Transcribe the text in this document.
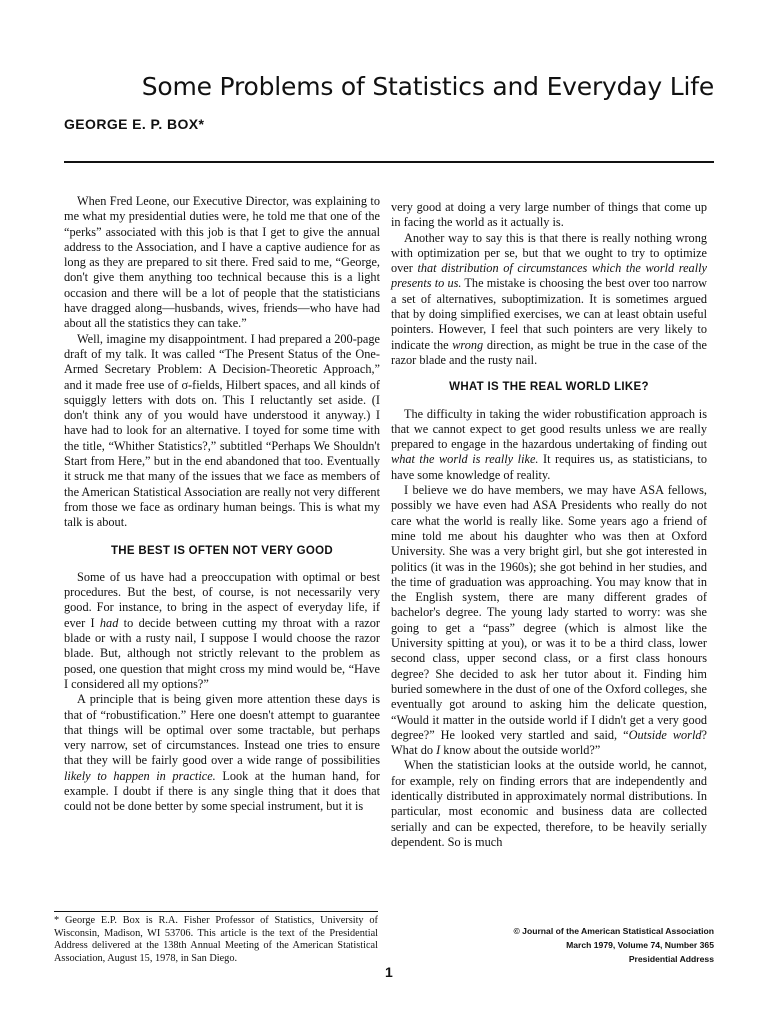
Some Problems of Statistics and Everyday Life
GEORGE E. P. BOX*

When Fred Leone, our Executive Director, was explaining to me what my presidential duties were, he told me that one of the “perks” associated with this job is that I get to give the annual address to the Association, and I have a captive audience for as long as they are prepared to sit there. Fred said to me, “George, don't give them anything too technical because this is a light occasion and there will be a lot of people that the statisticians have dragged along—husbands, wives, friends—who have had about all the statistics they can take.”

Well, imagine my disappointment. I had prepared a 200-page draft of my talk. It was called “The Present Status of the One-Armed Secretary Problem: A Decision-Theoretic Approach,” and it made free use of σ-fields, Hilbert spaces, and all kinds of squiggly letters with dots on. This I reluctantly set aside. (I don't think any of you would have understood it anyway.) I have had to look for an alternative. I toyed for some time with the title, “Whither Statistics?,” subtitled “Perhaps We Shouldn't Start from Here,” but in the end abandoned that too. Eventually it struck me that many of the issues that we face as members of the American Statistical Association are really not very different from those we face as ordinary human beings. This is what my talk is about.

THE BEST IS OFTEN NOT VERY GOOD

Some of us have had a preoccupation with optimal or best procedures. But the best, of course, is not necessarily very good. For instance, to bring in the aspect of everyday life, if ever I had to decide between cutting my throat with a razor blade or with a rusty nail, I suppose I would choose the razor blade. But, although not strictly relevant to the problem as posed, one question that might cross my mind would be, “Have I considered all my options?”

A principle that is being given more attention these days is that of “robustification.” Here one doesn't attempt to guarantee that things will be optimal over some tractable, but perhaps very narrow, set of circumstances. Instead one tries to ensure that they will be fairly good over a wide range of possibilities likely to happen in practice. Look at the human hand, for example. I doubt if there is any single thing that it does that could not be done better by some special instrument, but it is

very good at doing a very large number of things that come up in facing the world as it actually is.

Another way to say this is that there is really nothing wrong with optimization per se, but that we ought to try to optimize over that distribution of circumstances which the world really presents to us. The mistake is choosing the best over too narrow a set of alternatives, suboptimization. It is sometimes argued that by doing simplified exercises, we can at least obtain useful pointers. However, I feel that such pointers are very likely to indicate the wrong direction, as might be true in the case of the razor blade and the rusty nail.

WHAT IS THE REAL WORLD LIKE?

The difficulty in taking the wider robustification approach is that we cannot expect to get good results unless we are really prepared to engage in the hazardous undertaking of finding out what the world is really like. It requires us, as statisticians, to have some knowledge of reality.

I believe we do have members, we may have ASA fellows, possibly we have even had ASA Presidents who really do not care what the world is really like. Some years ago a friend of mine told me about his daughter who was then at Oxford University. She was a very bright girl, but she got interested in politics (it was in the 1960s); she got behind in her studies, and the time of graduation was approaching. You may know that in the English system, there are many different grades of bachelor's degree. The young lady started to worry: was she going to get a “pass” degree (which is almost like the University spitting at you), or was it to be a third class, lower second class, upper second class, or a first class honours degree? She decided to ask her tutor about it. Finding him buried somewhere in the dust of one of the Oxford colleges, she eventually got around to asking him the delicate question, “Would it matter in the outside world if I didn't get a very good degree?” He looked very startled and said, “Outside world? What do I know about the outside world?”

When the statistician looks at the outside world, he cannot, for example, rely on finding errors that are independently and identically distributed in approximately normal distributions. In particular, most economic and business data are collected serially and can be expected, therefore, to be heavily serially dependent. So is much

* George E.P. Box is R.A. Fisher Professor of Statistics, University of Wisconsin, Madison, WI 53706. This article is the text of the Presidential Address delivered at the 138th Annual Meeting of the American Statistical Association, August 15, 1978, in San Diego.
© Journal of the American Statistical Association
March 1979, Volume 74, Number 365
Presidential Address
1
